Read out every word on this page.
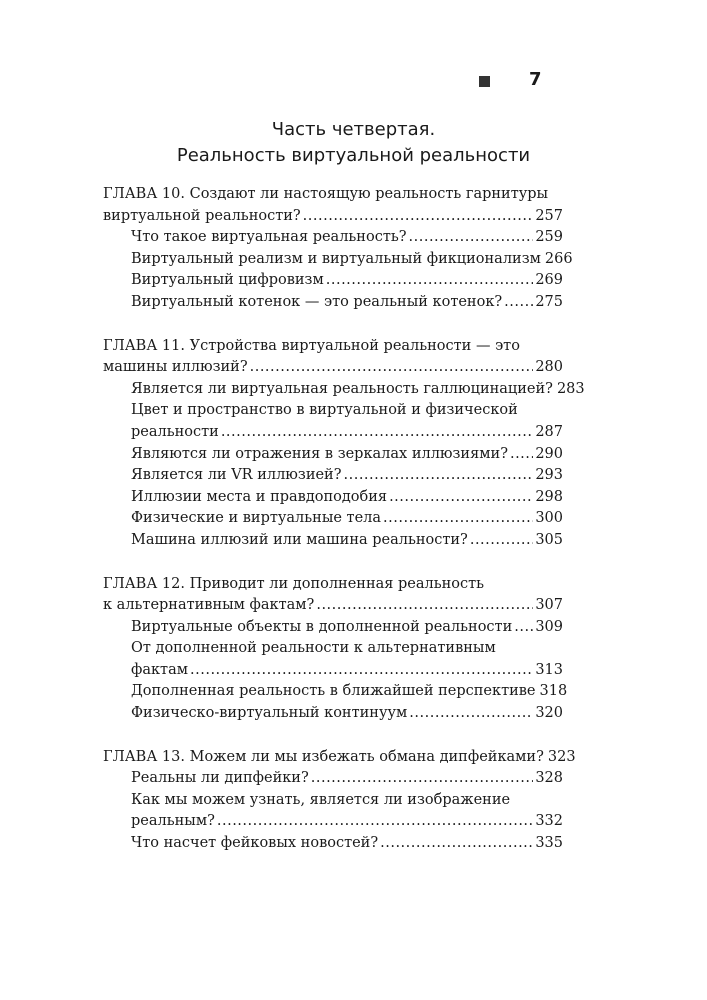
7
Часть четвертая.
Реальность виртуальной реальности
ГЛАВА 10. Создают ли настоящую реальность гарнитуры
виртуальной реальности? .....	257
Что такое виртуальная реальность? .....	259
Виртуальный реализм и виртуальный фикционализм 266
Виртуальный цифровизм .....	269
Виртуальный котенок — это реальный котенок? ..... 275
ГЛАВА 11. Устройства виртуальной реальности — это
машины иллюзий? .....	280
Является ли виртуальная реальность галлюцинацией? 283
Цвет и пространство в виртуальной и физической
реальности .....	287
Являются ли отражения в зеркалах иллюзиями? ..... 290
Является ли VR иллюзией? .....	293
Иллюзии места и правдоподобия .....	298
Физические и виртуальные тела .....	300
Машина иллюзий или машина реальности? .....	305
ГЛАВА 12. Приводит ли дополненная реальность
к альтернативным фактам? .....	307
Виртуальные объекты в дополненной реальности ..... 309
От дополненной реальности к альтернативным
фактам .....	313
Дополненная реальность в ближайшей перспективе 318
Физическо-виртуальный континуум .....	320
ГЛАВА 13. Можем ли мы избежать обмана дипфейками? 323
Реальны ли дипфейки? .....	328
Как мы можем узнать, является ли изображение
реальным? .....	332
Что насчет фейковых новостей? .....	335
